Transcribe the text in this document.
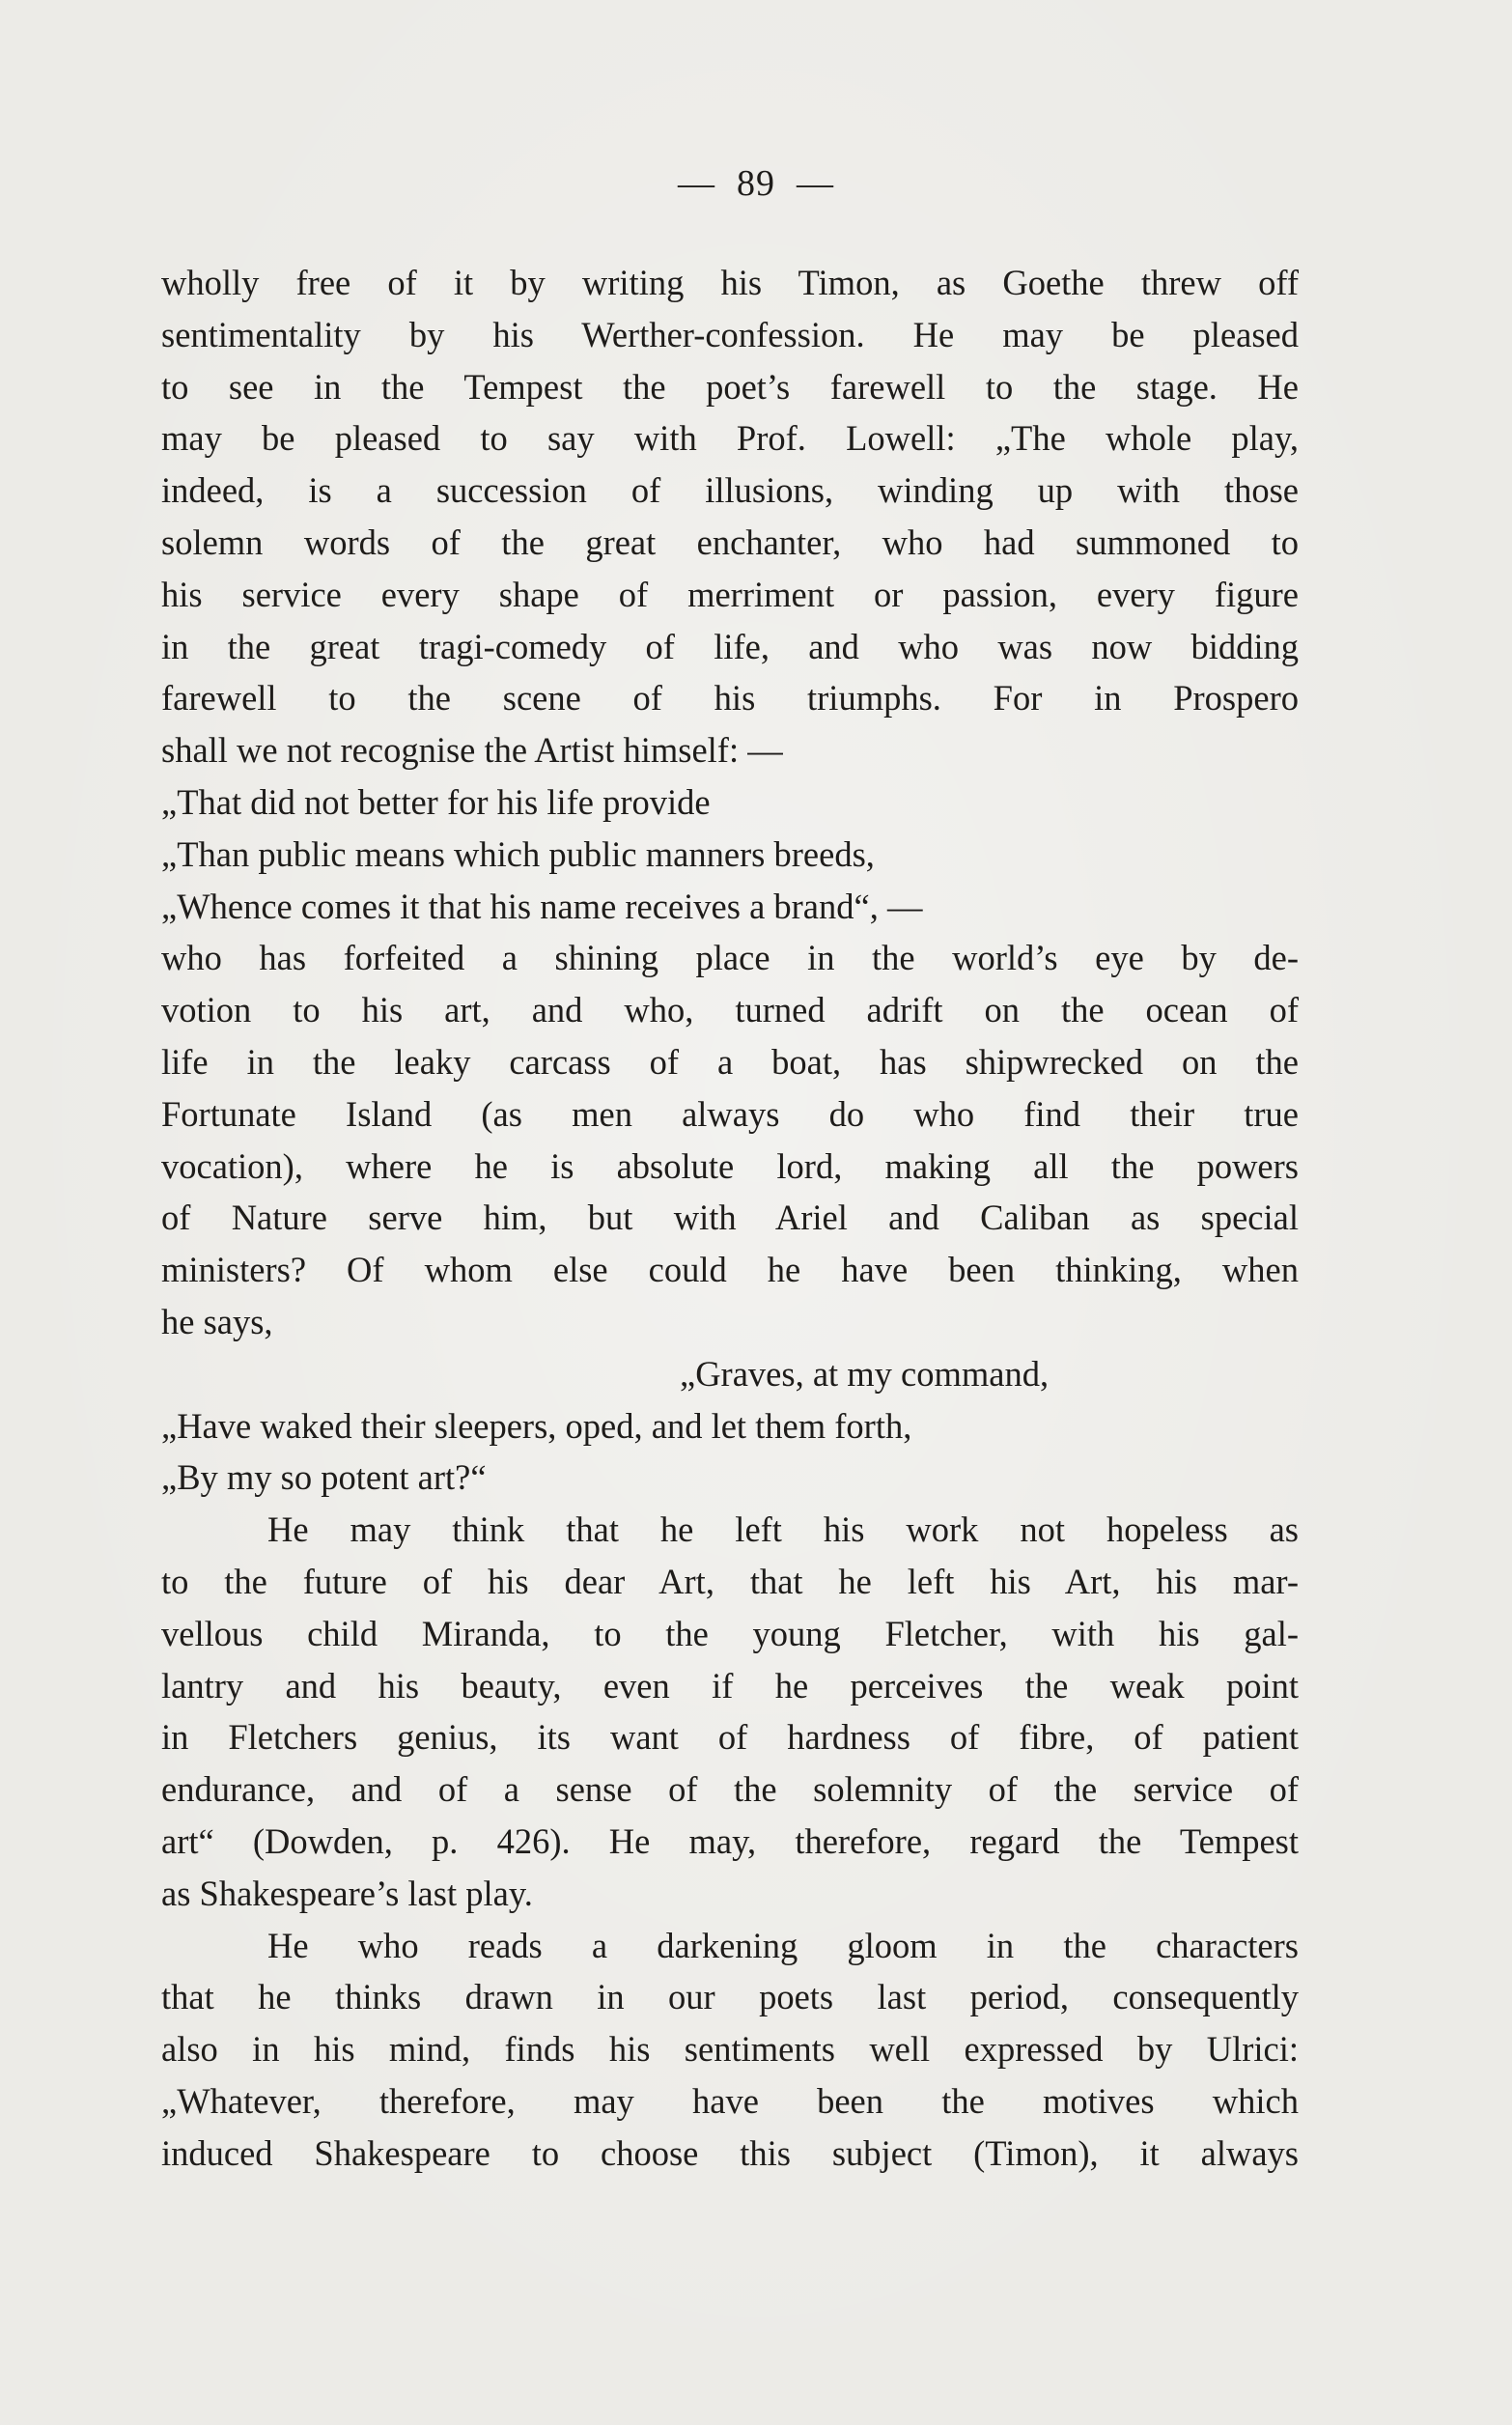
— 89 —
wholly free of it by writing his Timon, as Goethe threw off
sentimentality by his Werther-confession. He may be pleased
to see in the Tempest the poet’s farewell to the stage. He
may be pleased to say with Prof. Lowell: „The whole play,
indeed, is a succession of illusions, winding up with those
solemn words of the great enchanter, who had summoned to
his service every shape of merriment or passion, every figure
in the great tragi-comedy of life, and who was now bidding
farewell to the scene of his triumphs. For in Prospero
shall we not recognise the Artist himself: —
„That did not better for his life provide
„Than public means which public manners breeds,
„Whence comes it that his name receives a brand“, —
who has forfeited a shining place in the world’s eye by de-
votion to his art, and who, turned adrift on the ocean of
life in the leaky carcass of a boat, has shipwrecked on the
Fortunate Island (as men always do who find their true
vocation), where he is absolute lord, making all the powers
of Nature serve him, but with Ariel and Caliban as special
ministers? Of whom else could he have been thinking, when
he says,
„Graves, at my command,
„Have waked their sleepers, oped, and let them forth,
„By my so potent art?“
He may think that he left his work not hopeless as
to the future of his dear Art, that he left his Art, his mar-
vellous child Miranda, to the young Fletcher, with his gal-
lantry and his beauty, even if he perceives the weak point
in Fletchers genius, its want of hardness of fibre, of patient
endurance, and of a sense of the solemnity of the service of
art“ (Dowden, p. 426). He may, therefore, regard the Tempest
as Shakespeare’s last play.
He who reads a darkening gloom in the characters
that he thinks drawn in our poets last period, consequently
also in his mind, finds his sentiments well expressed by Ulrici:
„Whatever, therefore, may have been the motives which
induced Shakespeare to choose this subject (Timon), it always
